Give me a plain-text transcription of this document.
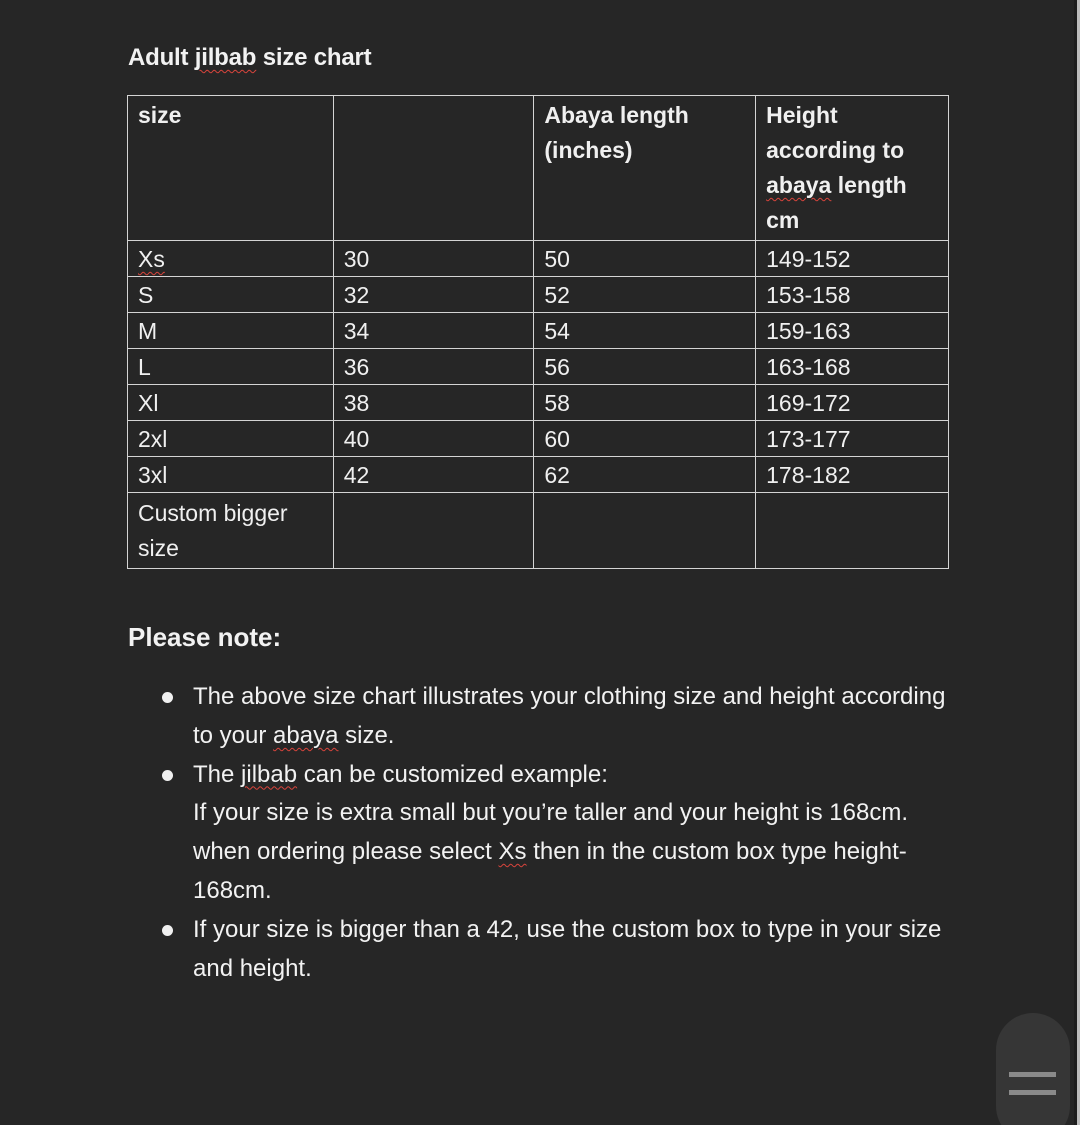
Adult jilbab size chart
size		Abaya length (inches)	Height according to abaya length cm
Xs	30	50	149-152
S	32	52	153-158
M	34	54	159-163
L	36	56	163-168
Xl	38	58	169-172
2xl	40	60	173-177
3xl	42	62	178-182
Custom bigger size			
Please note:

The above size chart illustrates your clothing size and height according to your abaya size.

The jilbab can be customized example:

If your size is extra small but you’re taller and your height is 168cm. when ordering please select Xs then in the custom box type height- 168cm.

If your size is bigger than a 42, use the custom box to type in your size and height.
